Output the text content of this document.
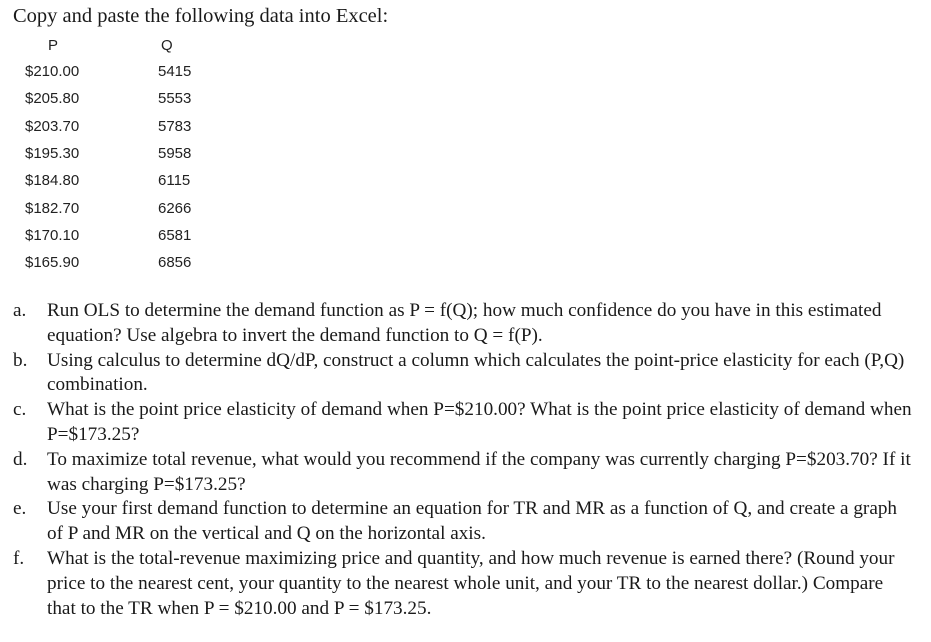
Copy and paste the following data into Excel:
P	Q
$210.00	5415
$205.80	5553
$203.70	5783
$195.30	5958
$184.80	6115
$182.70	6266
$170.10	6581
$165.90	6856
a.	Run OLS to determine the demand function as P = f(Q); how much confidence do you have in this estimated equation? Use algebra to invert the demand function to Q = f(P).
b.	Using calculus to determine dQ/dP, construct a column which calculates the point-price elasticity for each (P,Q) combination.
c.	What is the point price elasticity of demand when P=$210.00? What is the point price elasticity of demand when P=$173.25?
d.	To maximize total revenue, what would you recommend if the company was currently charging P=$203.70? If it was charging P=$173.25?
e.	Use your first demand function to determine an equation for TR and MR as a function of Q, and create a graph of P and MR on the vertical and Q on the horizontal axis.
f.	What is the total-revenue maximizing price and quantity, and how much revenue is earned there? (Round your price to the nearest cent, your quantity to the nearest whole unit, and your TR to the nearest dollar.) Compare that to the TR when P = $210.00 and P = $173.25.
